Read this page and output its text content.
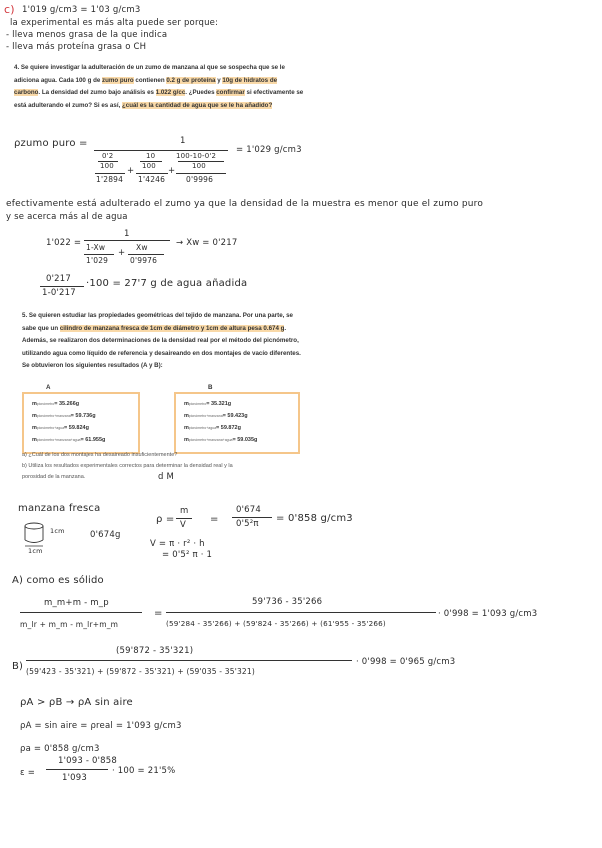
c) 1'019 g/cm3 = 1'03 g/cm3
la experimental es más alta puede ser porque:
- lleva menos grasa de la que indica
- lleva más proteína grasa o CH
4. Se quiere investigar la adulteración de un zumo de manzana al que se sospecha que se le adiciona agua. Cada 100 g de zumo puro contienen 0.2 g de proteína y 10g de hidratos de carbono. La densidad del zumo bajo análisis es 1.022 g/cc. ¿Puedes confirmar si efectivamente se está adulterando el zumo? Si es así, ¿cuál es la cantidad de agua que se le ha añadido?
ρzumo puro =	1
0'2
100
1'2894
+
10
100
1'4246
+
100-10-0'2
100
0'9996
= 1'029 g/cm3
efectivamente está adulterado el zumo ya que la densidad de la muestra es menor que el zumo puro
y se acerca más al de agua
1'022 =
1
1-Xw
1'029
+
Xw
0'9976
→ Xw = 0'217
0'217
1-0'217
·100 = 27'7 g de agua añadida
5. Se quieren estudiar las propiedades geométricas del tejido de manzana. Por una parte, se sabe que un cilindro de manzana fresca de 1cm de diámetro y 1cm de altura pesa 0.674 g. Además, se realizaron dos determinaciones de la densidad real por el método del picnómetro, utilizando agua como líquido de referencia y desaireando en dos montajes de vacío diferentes. Se obtuvieron los siguientes resultados (A y B):
A
mpicnómetro= 35.266g
mpicnómetro+manzana= 59.736g
mpicnómetro+agua= 59.824g
mpicnómetro+manzana+agua= 61.955g
B
mpicnómetro= 35.321g
mpicnómetro+manzana= 59.423g
mpicnómetro+agua= 59.872g
mpicnómetro+manzana+agua= 59.035g
a) ¿Cuál de los dos montajes ha desaireado insuficientemente?
b) Utiliza los resultados experimentales correctos para determinar la densidad real y la
porosidad de la manzana.	d M
manzana fresca
1cm
1cm
0'674g
ρ =
m
V =
0'674
0'5²π = 0'858 g/cm3
V = π · r² · h
= 0'5² π · 1
A) como es sólido
m_m+m - m_p
m_lr + m_m - m_lr+m_m
=
59'736 - 35'266
(59'284 - 35'266) + (59'824 - 35'266) + (61'955 - 35'266)
· 0'998 = 1'093 g/cm3
B)
(59'872 - 35'321)
(59'423 - 35'321) + (59'872 - 35'321) + (59'035 - 35'321)
· 0'998 = 0'965 g/cm3
ρA > ρB → ρA sin aire
ρA = sin aire = ρreal = 1'093 g/cm3
ρa = 0'858 g/cm3
ε =
1'093 - 0'858
1'093
· 100 = 21'5%
